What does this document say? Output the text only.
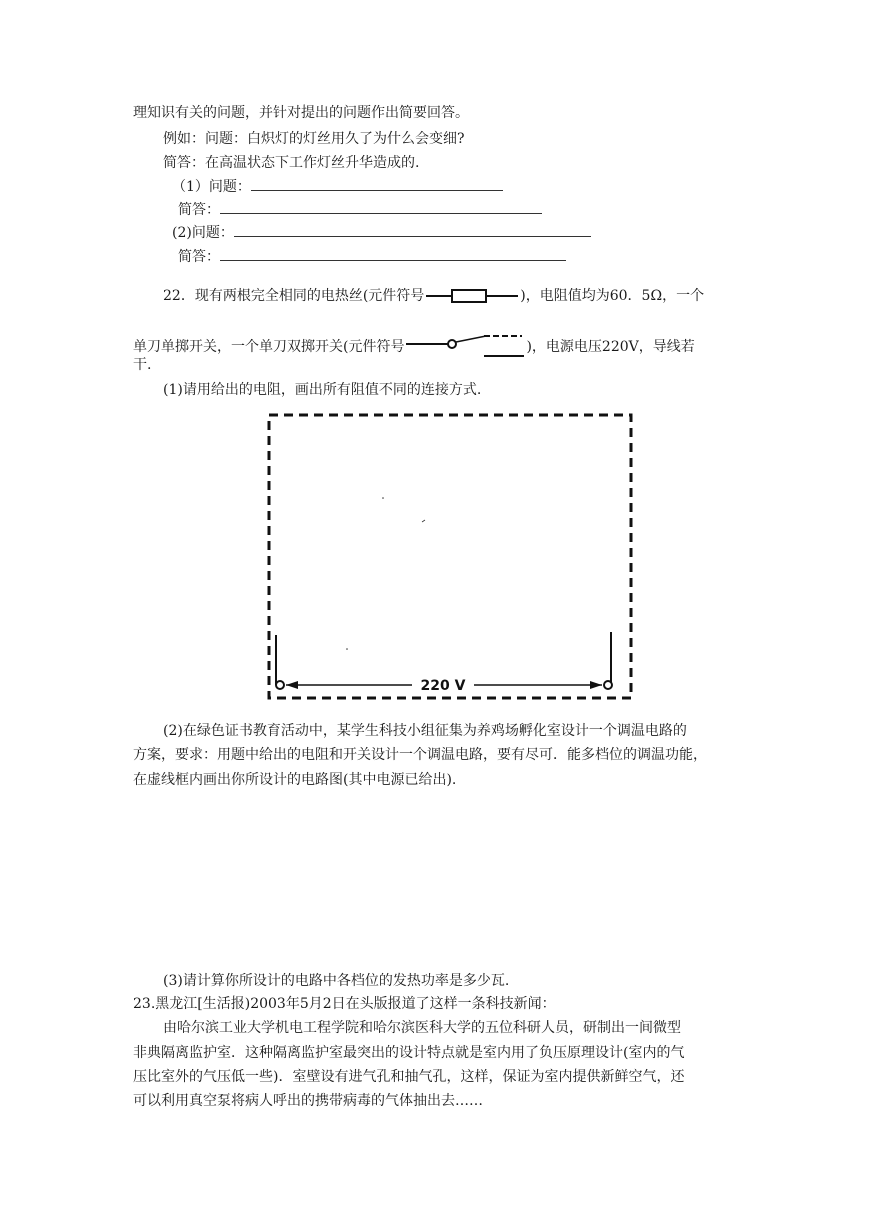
理知识有关的问题，并针对提出的问题作出简要回答。
例如：问题：白炽灯的灯丝用久了为什么会变细?
简答：在高温状态下工作灯丝升华造成的.
（1）问题：
简答：
(2)问题：
简答：
22．现有两根完全相同的电热丝(元件符号	)，电阻值均为60．5Ω，一个
单刀单掷开关，一个单刀双掷开关(元件符号	)，电源电压220V，导线若
干.
(1)请用给出的电阻，画出所有阻值不同的连接方式.
220 V
(2)在绿色证书教育活动中，某学生科技小组征集为养鸡场孵化室设计一个调温电路的
方案，要求：用题中给出的电阻和开关设计一个调温电路，要有尽可．能多档位的调温功能，
在虚线框内画出你所设计的电路图(其中电源已给出).
(3)请计算你所设计的电路中各档位的发热功率是多少瓦.
23.黑龙江[生活报)2003年5月2日在头版报道了这样一条科技新闻：
由哈尔滨工业大学机电工程学院和哈尔滨医科大学的五位科研人员，研制出一间微型
非典隔离监护室．这种隔离监护室最突出的设计特点就是室内用了负压原理设计(室内的气
压比室外的气压低一些)．室壁设有进气孔和抽气孔，这样，保证为室内提供新鲜空气，还
可以利用真空泵将病人呼出的携带病毒的气体抽出去……
